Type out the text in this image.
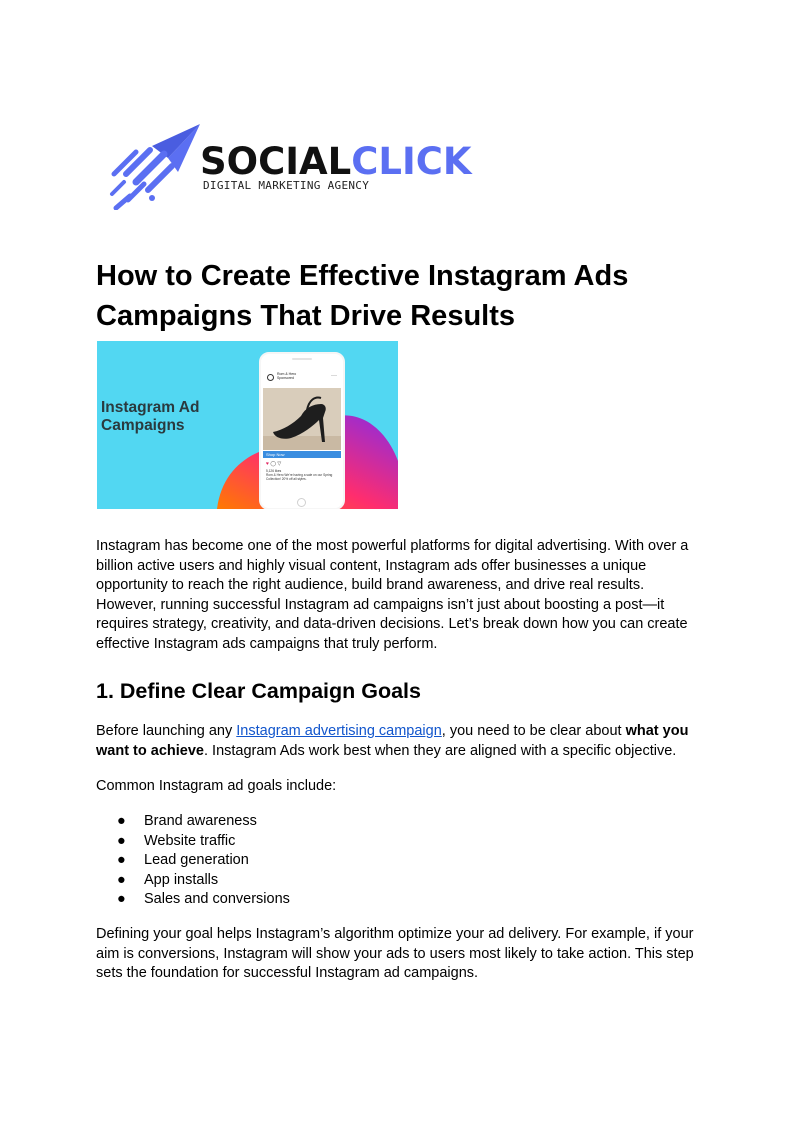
SOCIALCLICK
DIGITAL MARKETING AGENCY
How to Create Effective Instagram Ads Campaigns That Drive Results
Instagram Ad
Campaigns
Rom & Hero
Sponsored	···
Shop Now
♥ ◯ ▽
5,126 likes
Rom & Hero We're having a sale on our Spring Collection! 20% off all styles.

Instagram has become one of the most powerful platforms for digital advertising. With over a billion active users and highly visual content, Instagram ads offer businesses a unique opportunity to reach the right audience, build brand awareness, and drive real results. However, running successful Instagram ad campaigns isn’t just about boosting a post—it requires strategy, creativity, and data-driven decisions. Let’s break down how you can create effective Instagram ads campaigns that truly perform.

1. Define Clear Campaign Goals

Before launching any Instagram advertising campaign, you need to be clear about what you want to achieve. Instagram Ads work best when they are aligned with a specific objective.

Common Instagram ad goals include:

● Brand awareness
● Website traffic
● Lead generation
● App installs
● Sales and conversions

Defining your goal helps Instagram’s algorithm optimize your ad delivery. For example, if your aim is conversions, Instagram will show your ads to users most likely to take action. This step sets the foundation for successful Instagram ad campaigns.
